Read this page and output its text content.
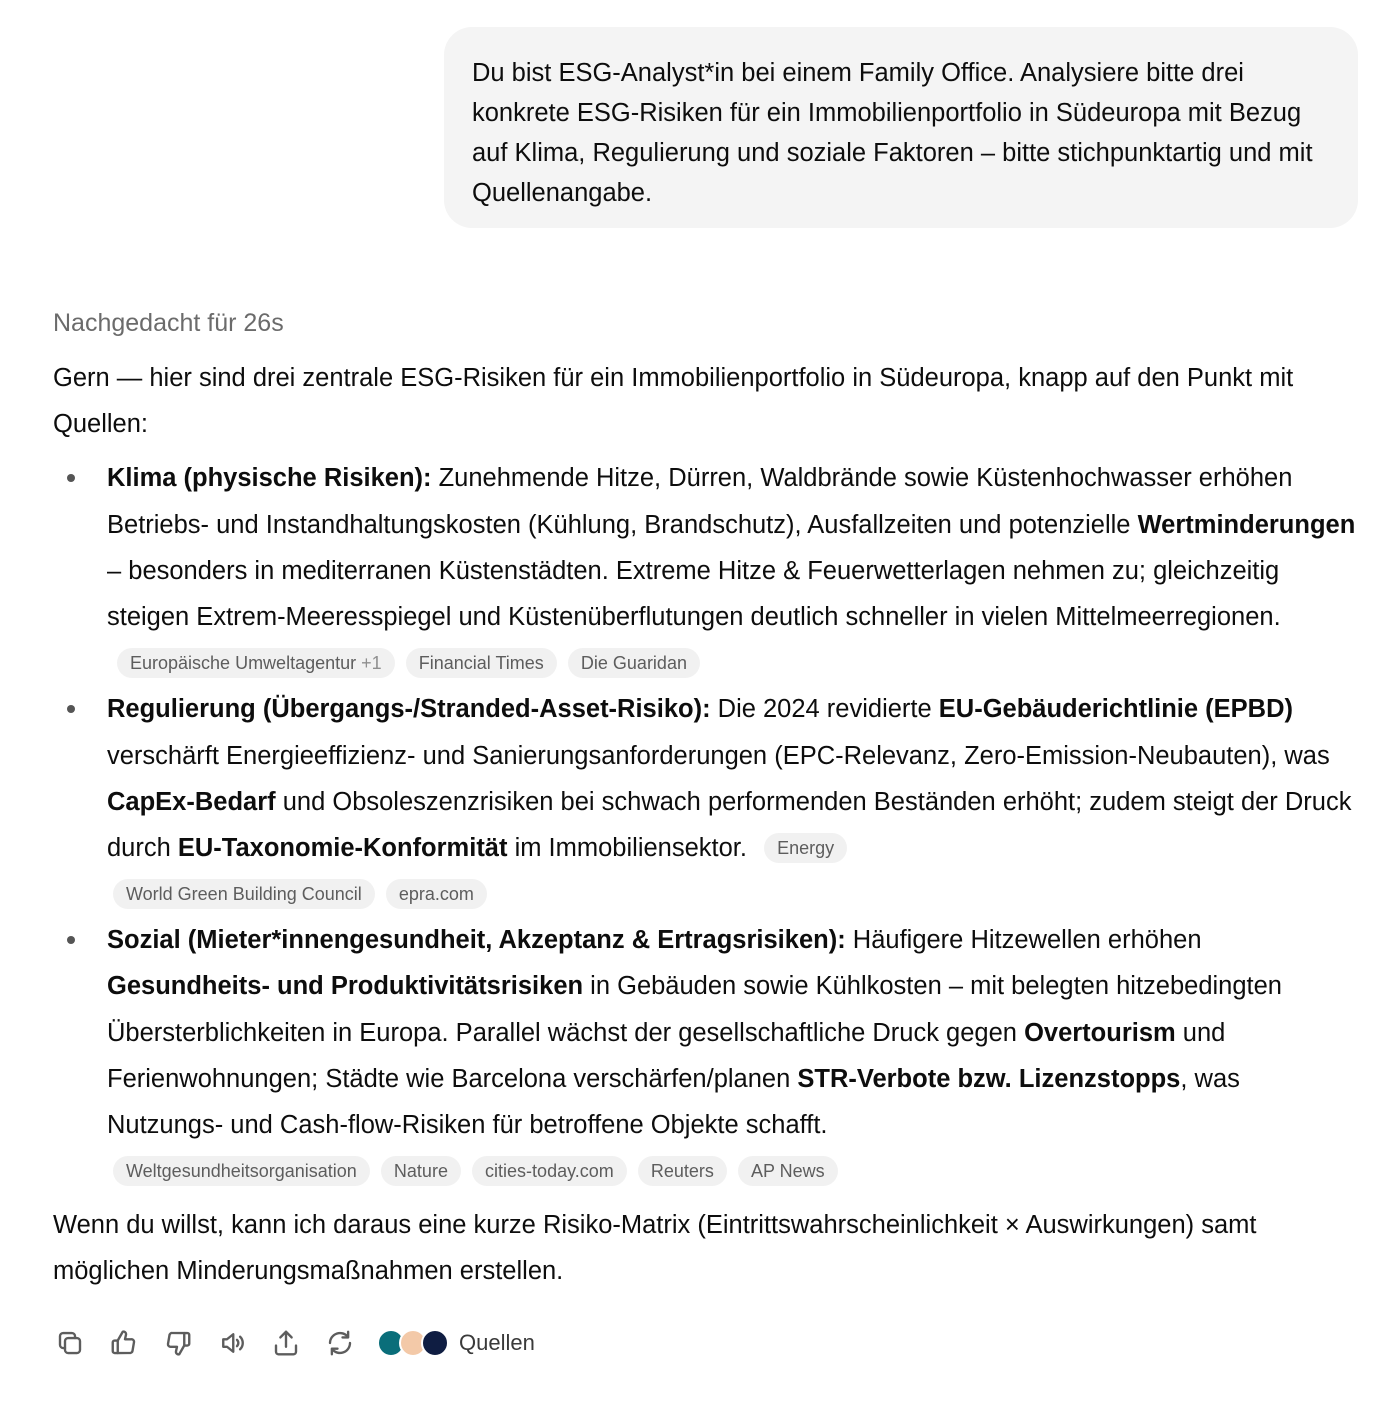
Du bist ESG-Analyst*in bei einem Family Office. Analysiere bitte drei konkrete ESG-Risiken für ein Immobilienportfolio in Südeuropa mit Bezug auf Klima, Regulierung und soziale Faktoren – bitte stichpunktartig und mit Quellenangabe.
Nachgedacht für 26s

Gern — hier sind drei zentrale ESG-Risiken für ein Immobilienportfolio in Südeuropa, knapp auf den Punkt mit Quellen:

Klima (physische Risiken): Zunehmende Hitze, Dürren, Waldbrände sowie Küstenhochwasser erhöhen Betriebs- und Instandhaltungskosten (Kühlung, Brandschutz), Ausfallzeiten und potenzielle Wertminderungen – besonders in mediterranen Küstenstädten. Extreme Hitze & Feuerwetterlagen nehmen zu; gleichzeitig steigen Extrem-Meeresspiegel und Küstenüberflutungen deutlich schneller in vielen Mittelmeerregionen. Europäische Umweltagentur +1 Financial Times Die Guaridan
Regulierung (Übergangs-/Stranded-Asset-Risiko): Die 2024 revidierte EU-Gebäuderichtlinie (EPBD) verschärft Energieeffizienz- und Sanierungsanforderungen (EPC-Relevanz, Zero-Emission-Neubauten), was CapEx-Bedarf und Obsoleszenzrisiken bei schwach performenden Beständen erhöht; zudem steigt der Druck durch EU-Taxonomie-Konformität im Immobiliensektor. Energy
World Green Building Council epra.com
Sozial (Mieter*innengesundheit, Akzeptanz & Ertragsrisiken): Häufigere Hitzewellen erhöhen Gesundheits- und Produktivitätsrisiken in Gebäuden sowie Kühlkosten – mit belegten hitzebedingten Übersterblichkeiten in Europa. Parallel wächst der gesellschaftliche Druck gegen Overtourism und Ferienwohnungen; Städte wie Barcelona verschärfen/planen STR-Verbote bzw. Lizenzstopps, was Nutzungs- und Cash-flow-Risiken für betroffene Objekte schafft.
Weltgesundheitsorganisation Nature cities-today.com Reuters AP News

Wenn du willst, kann ich daraus eine kurze Risiko-Matrix (Eintrittswahrscheinlichkeit × Auswirkungen) samt möglichen Minderungsmaßnahmen erstellen.

Quellen
